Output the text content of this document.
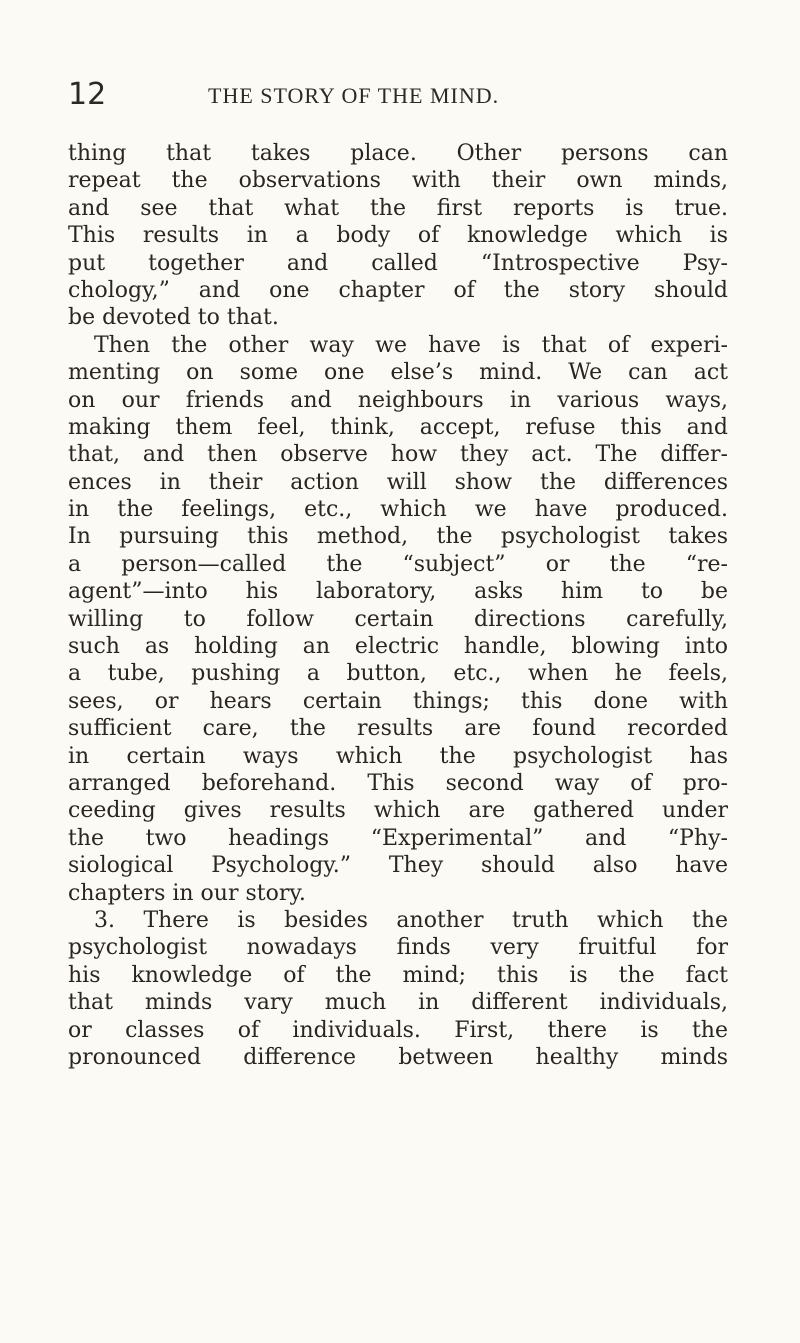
12	THE STORY OF THE MIND.
thing that takes place. Other persons can
repeat the observations with their own minds,
and see that what the first reports is true.
This results in a body of knowledge which is
put together and called “Introspective Psy-
chology,” and one chapter of the story should
be devoted to that.
Then the other way we have is that of experi-
menting on some one else’s mind. We can act
on our friends and neighbours in various ways,
making them feel, think, accept, refuse this and
that, and then observe how they act. The differ-
ences in their action will show the differences
in the feelings, etc., which we have produced.
In pursuing this method, the psychologist takes
a person—called the “subject” or the “re-
agent”—into his laboratory, asks him to be
willing to follow certain directions carefully,
such as holding an electric handle, blowing into
a tube, pushing a button, etc., when he feels,
sees, or hears certain things; this done with
sufficient care, the results are found recorded
in certain ways which the psychologist has
arranged beforehand. This second way of pro-
ceeding gives results which are gathered under
the two headings “Experimental” and “Phy-
siological Psychology.” They should also have
chapters in our story.
3. There is besides another truth which the
psychologist nowadays finds very fruitful for
his knowledge of the mind; this is the fact
that minds vary much in different individuals,
or classes of individuals. First, there is the
pronounced difference between healthy minds
